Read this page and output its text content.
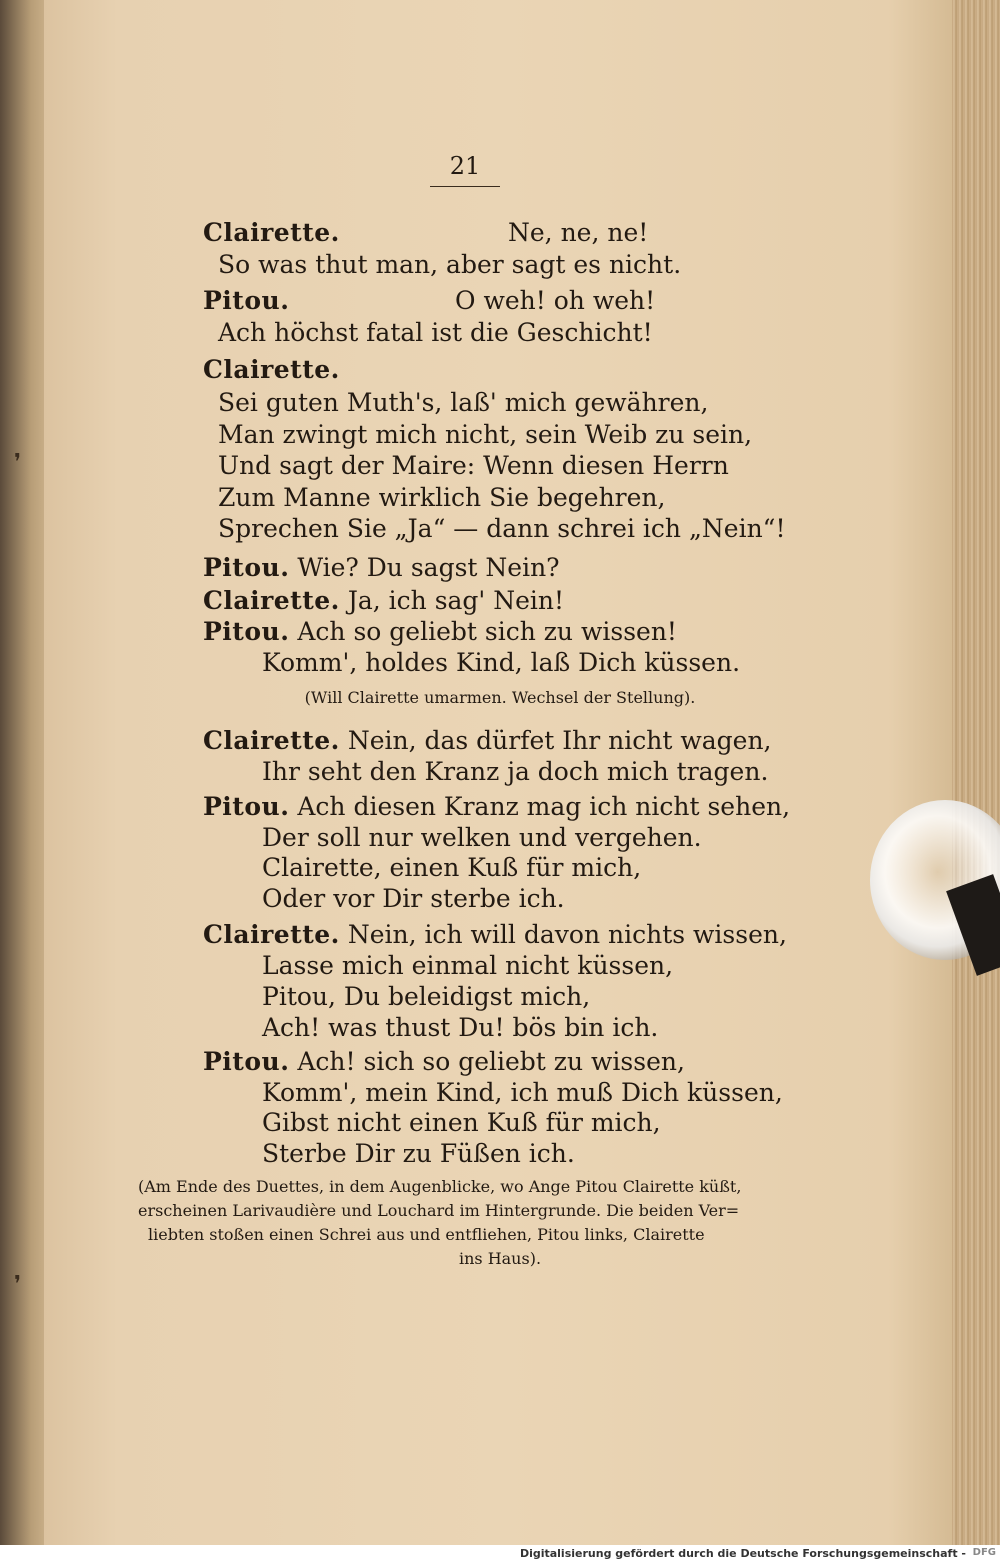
❜
❜
21
Clairette.	Ne, ne, ne!
So was thut man, aber sagt es nicht.
Pitou.	O weh! oh weh!
Ach höchst fatal ist die Geschicht!
Clairette.
Sei guten Muth's, laß' mich gewähren,
Man zwingt mich nicht, sein Weib zu sein,
Und sagt der Maire: Wenn diesen Herrn
Zum Manne wirklich Sie begehren,
Sprechen Sie „Ja“ — dann schrei ich „Nein“!
Pitou. Wie? Du sagst Nein?
Clairette. Ja, ich sag' Nein!
Pitou. Ach so geliebt sich zu wissen!
Komm', holdes Kind, laß Dich küssen.
(Will Clairette umarmen. Wechsel der Stellung).
Clairette. Nein, das dürfet Ihr nicht wagen,
Ihr seht den Kranz ja doch mich tragen.
Pitou. Ach diesen Kranz mag ich nicht sehen,
Der soll nur welken und vergehen.
Clairette, einen Kuß für mich,
Oder vor Dir sterbe ich.
Clairette. Nein, ich will davon nichts wissen,
Lasse mich einmal nicht küssen,
Pitou, Du beleidigst mich,
Ach! was thust Du! bös bin ich.
Pitou. Ach! sich so geliebt zu wissen,
Komm', mein Kind, ich muß Dich küssen,
Gibst nicht einen Kuß für mich,
Sterbe Dir zu Füßen ich.
(Am Ende des Duettes, in dem Augenblicke, wo Ange Pitou Clairette küßt,
erscheinen Larivaudière und Louchard im Hintergrunde. Die beiden Ver=
liebten stoßen einen Schrei aus und entfliehen, Pitou links, Clairette
ins Haus).
Digitalisierung gefördert durch die Deutsche Forschungsgemeinschaft - DFG
